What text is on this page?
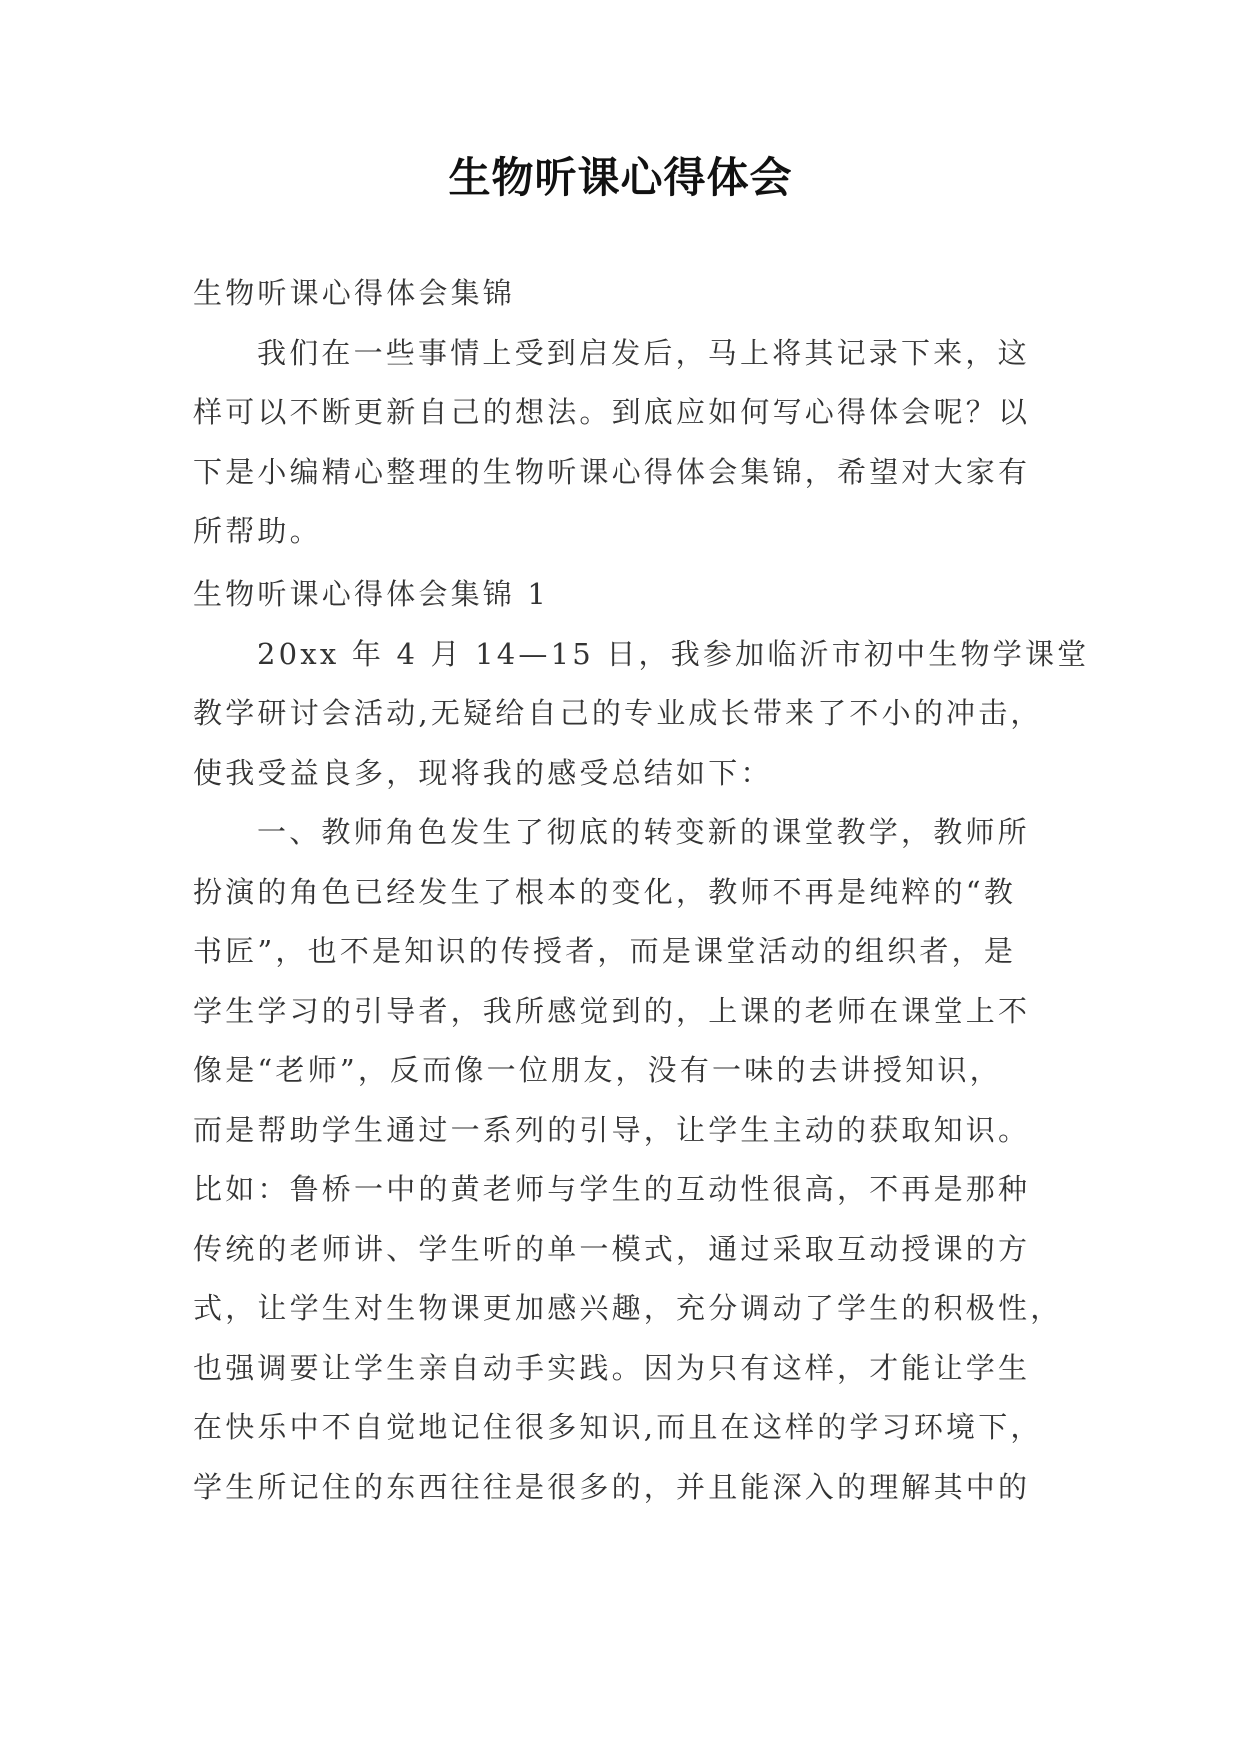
生物听课心得体会
生物听课心得体会集锦
我们在一些事情上受到启发后，马上将其记录下来，这
样可以不断更新自己的想法。到底应如何写心得体会呢？以
下是小编精心整理的生物听课心得体会集锦，希望对大家有
所帮助。
生物听课心得体会集锦 1
20xx 年 4 月 14—15 日，我参加临沂市初中生物学课堂
教学研讨会活动,无疑给自己的专业成长带来了不小的冲击，
使我受益良多，现将我的感受总结如下：
一、教师角色发生了彻底的转变新的课堂教学，教师所
扮演的角色已经发生了根本的变化，教师不再是纯粹的“教
书匠”，也不是知识的传授者，而是课堂活动的组织者，是
学生学习的引导者，我所感觉到的，上课的老师在课堂上不
像是“老师”，反而像一位朋友，没有一味的去讲授知识，
而是帮助学生通过一系列的引导，让学生主动的获取知识。
比如：鲁桥一中的黄老师与学生的互动性很高，不再是那种
传统的老师讲、学生听的单一模式，通过采取互动授课的方
式，让学生对生物课更加感兴趣，充分调动了学生的积极性，
也强调要让学生亲自动手实践。因为只有这样，才能让学生
在快乐中不自觉地记住很多知识,而且在这样的学习环境下，
学生所记住的东西往往是很多的，并且能深入的理解其中的
